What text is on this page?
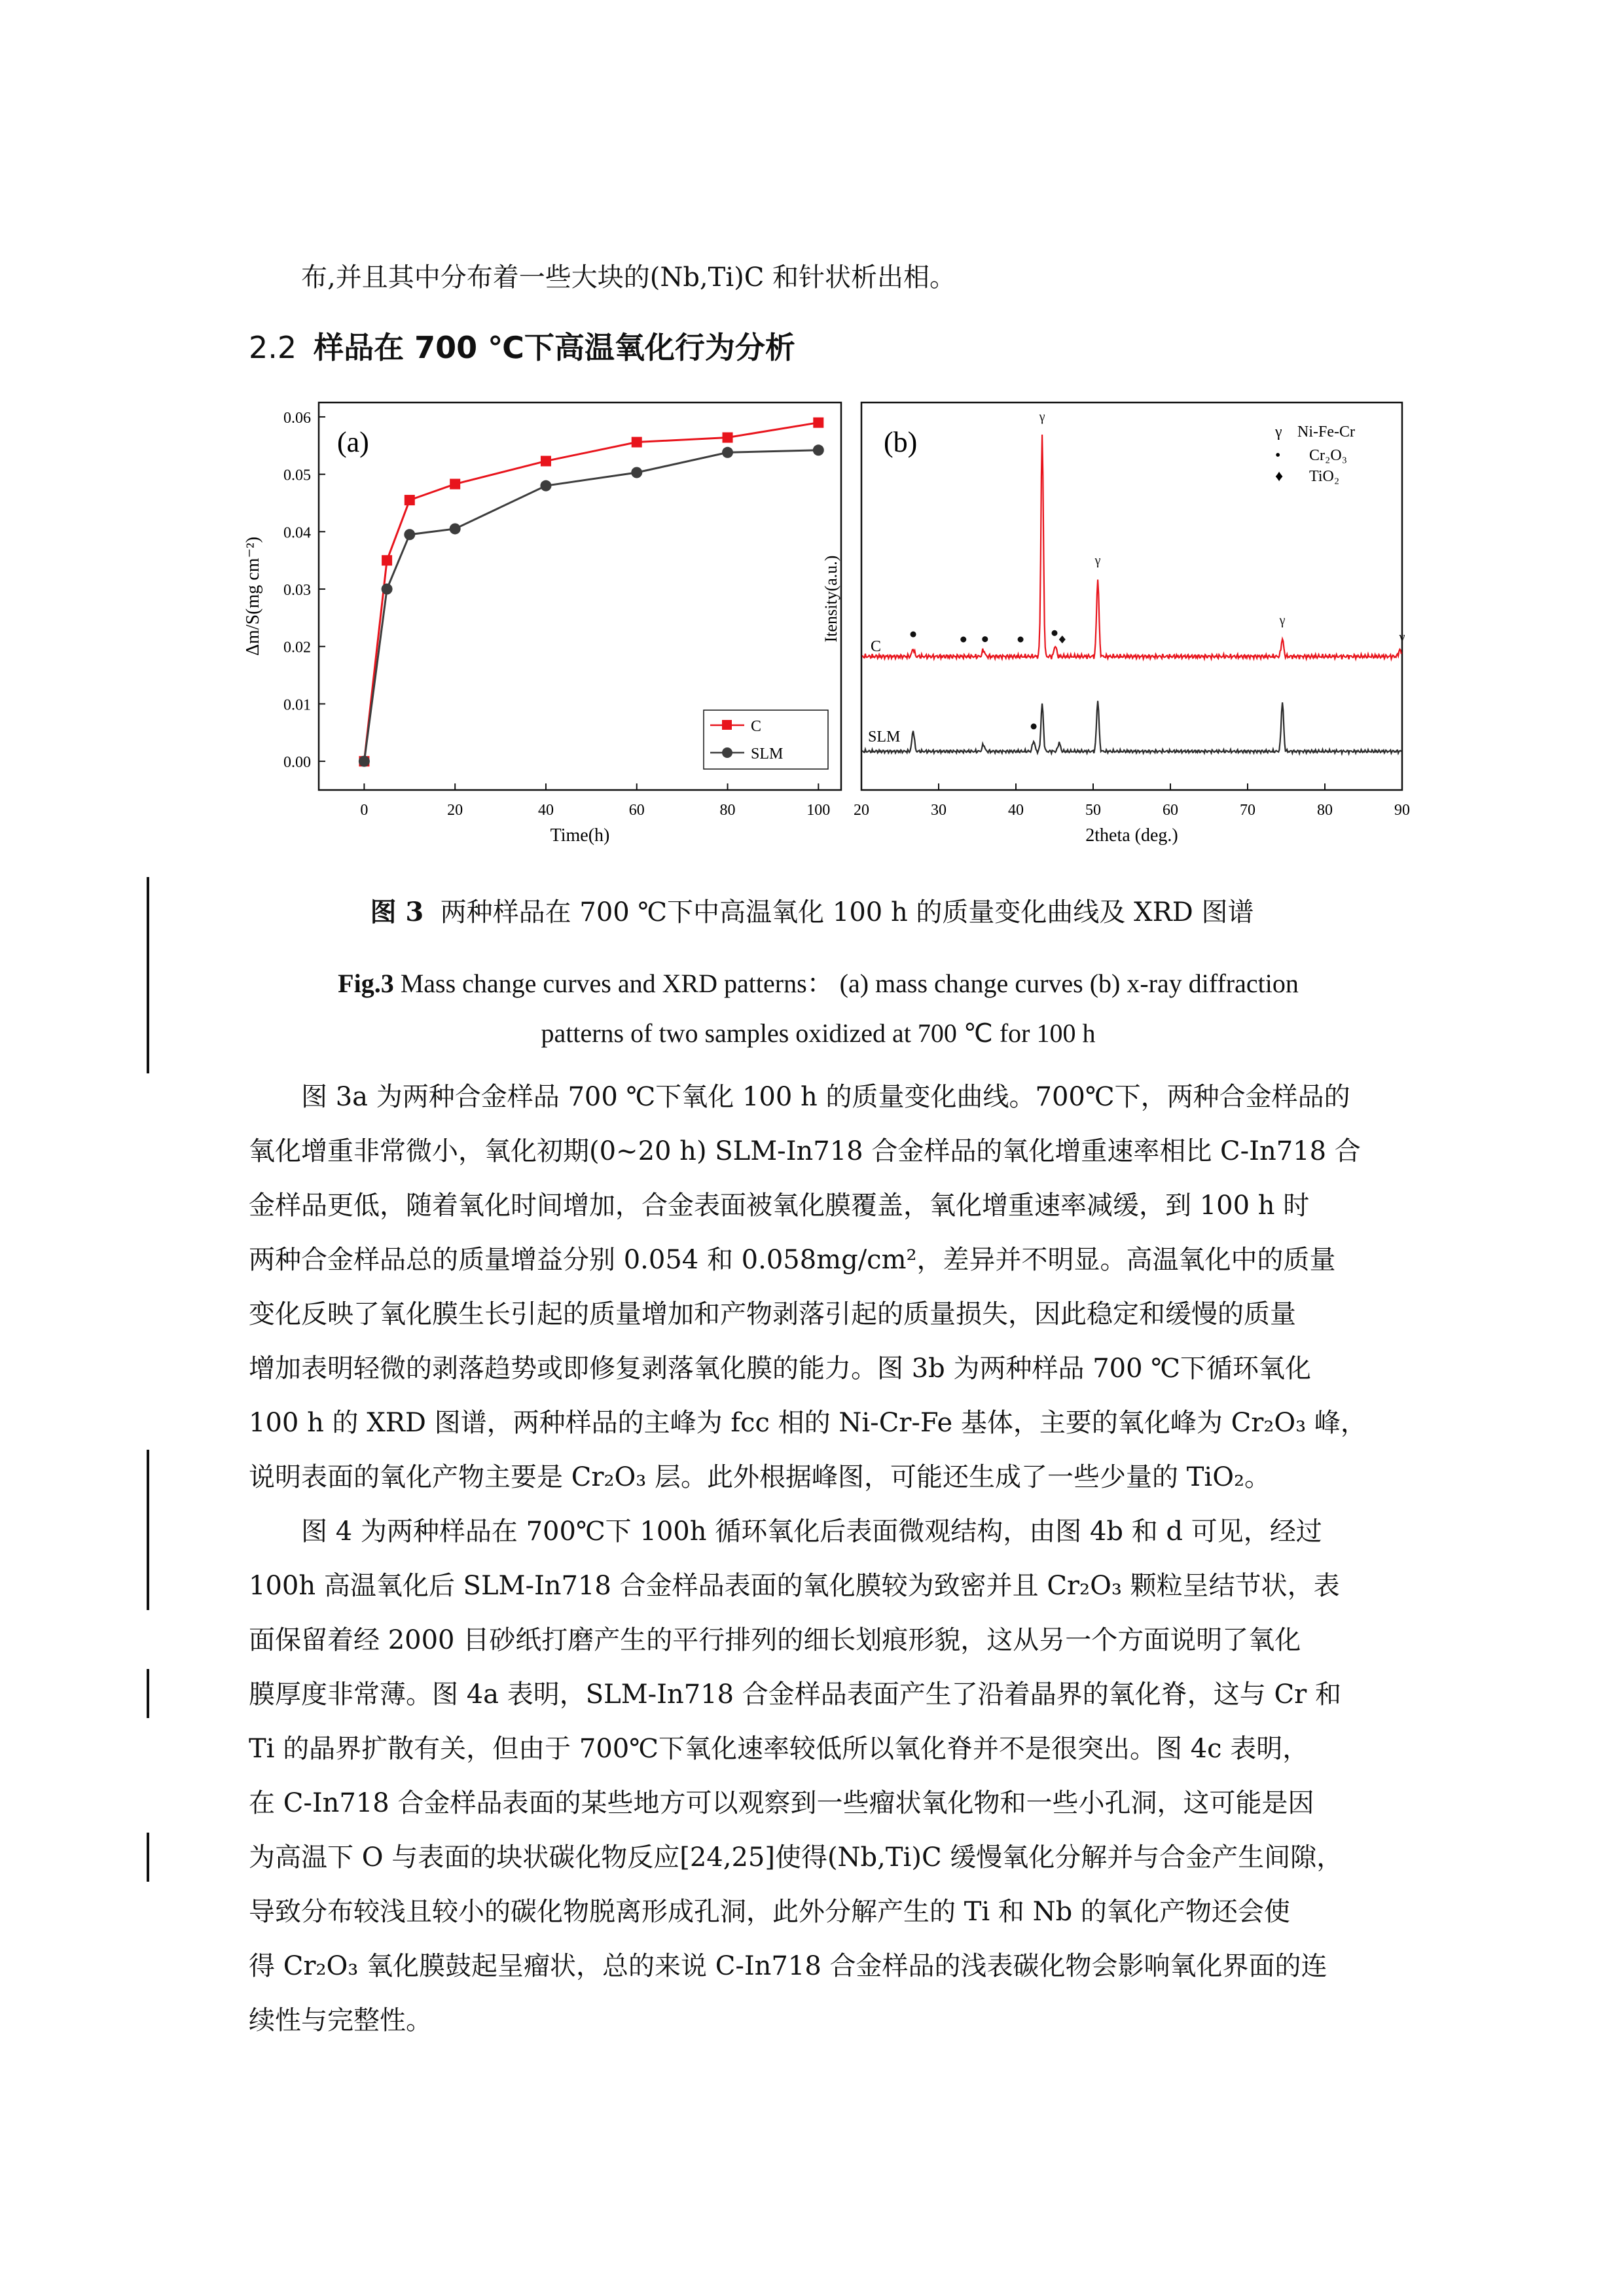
布,并且其中分布着一些大块的(Nb,Ti)C 和针状析出相。

2.2 样品在 700 ℃下高温氧化行为分析
(a)
0.00
0.01
0.02
0.03
0.04
0.05
0.06
0	20	40	60	80	100
Δm/S(mg cm⁻²)
Time(h)
C
SLM
(b)
20	30	40	50	60	70	80	90
γ
γ
γ
γ
Itensity(a.u.)
2theta (deg.)
C
SLM
γ Ni-Fe-Cr
• Cr₂O₃
♦ TiO₂
图 3 两种样品在 700 ℃下中高温氧化 100 h 的质量变化曲线及 XRD 图谱
Fig.3 Mass change curves and XRD patterns： (a) mass change curves (b) x-ray diffraction
patterns of two samples oxidized at 700 ℃ for 100 h

图 3a 为两种合金样品 700 ℃下氧化 100 h 的质量变化曲线。700℃下，两种合金样品的
氧化增重非常微小，氧化初期(0~20 h) SLM-In718 合金样品的氧化增重速率相比 C-In718 合
金样品更低，随着氧化时间增加，合金表面被氧化膜覆盖，氧化增重速率减缓，到 100 h 时
两种合金样品总的质量增益分别 0.054 和 0.058mg/cm²，差异并不明显。高温氧化中的质量
变化反映了氧化膜生长引起的质量增加和产物剥落引起的质量损失，因此稳定和缓慢的质量
增加表明轻微的剥落趋势或即修复剥落氧化膜的能力。图 3b 为两种样品 700 ℃下循环氧化
100 h 的 XRD 图谱，两种样品的主峰为 fcc 相的 Ni-Cr-Fe 基体，主要的氧化峰为 Cr₂O₃ 峰，
说明表面的氧化产物主要是 Cr₂O₃ 层。此外根据峰图，可能还生成了一些少量的 TiO₂。

图 4 为两种样品在 700℃下 100h 循环氧化后表面微观结构，由图 4b 和 d 可见，经过
100h 高温氧化后 SLM-In718 合金样品表面的氧化膜较为致密并且 Cr₂O₃ 颗粒呈结节状，表
面保留着经 2000 目砂纸打磨产生的平行排列的细长划痕形貌，这从另一个方面说明了氧化
膜厚度非常薄。图 4a 表明，SLM-In718 合金样品表面产生了沿着晶界的氧化脊，这与 Cr 和
Ti 的晶界扩散有关，但由于 700℃下氧化速率较低所以氧化脊并不是很突出。图 4c 表明，
在 C-In718 合金样品表面的某些地方可以观察到一些瘤状氧化物和一些小孔洞，这可能是因
为高温下 O 与表面的块状碳化物反应[24,25]使得(Nb,Ti)C 缓慢氧化分解并与合金产生间隙，
导致分布较浅且较小的碳化物脱离形成孔洞，此外分解产生的 Ti 和 Nb 的氧化产物还会使
得 Cr₂O₃ 氧化膜鼓起呈瘤状，总的来说 C-In718 合金样品的浅表碳化物会影响氧化界面的连
续性与完整性。
